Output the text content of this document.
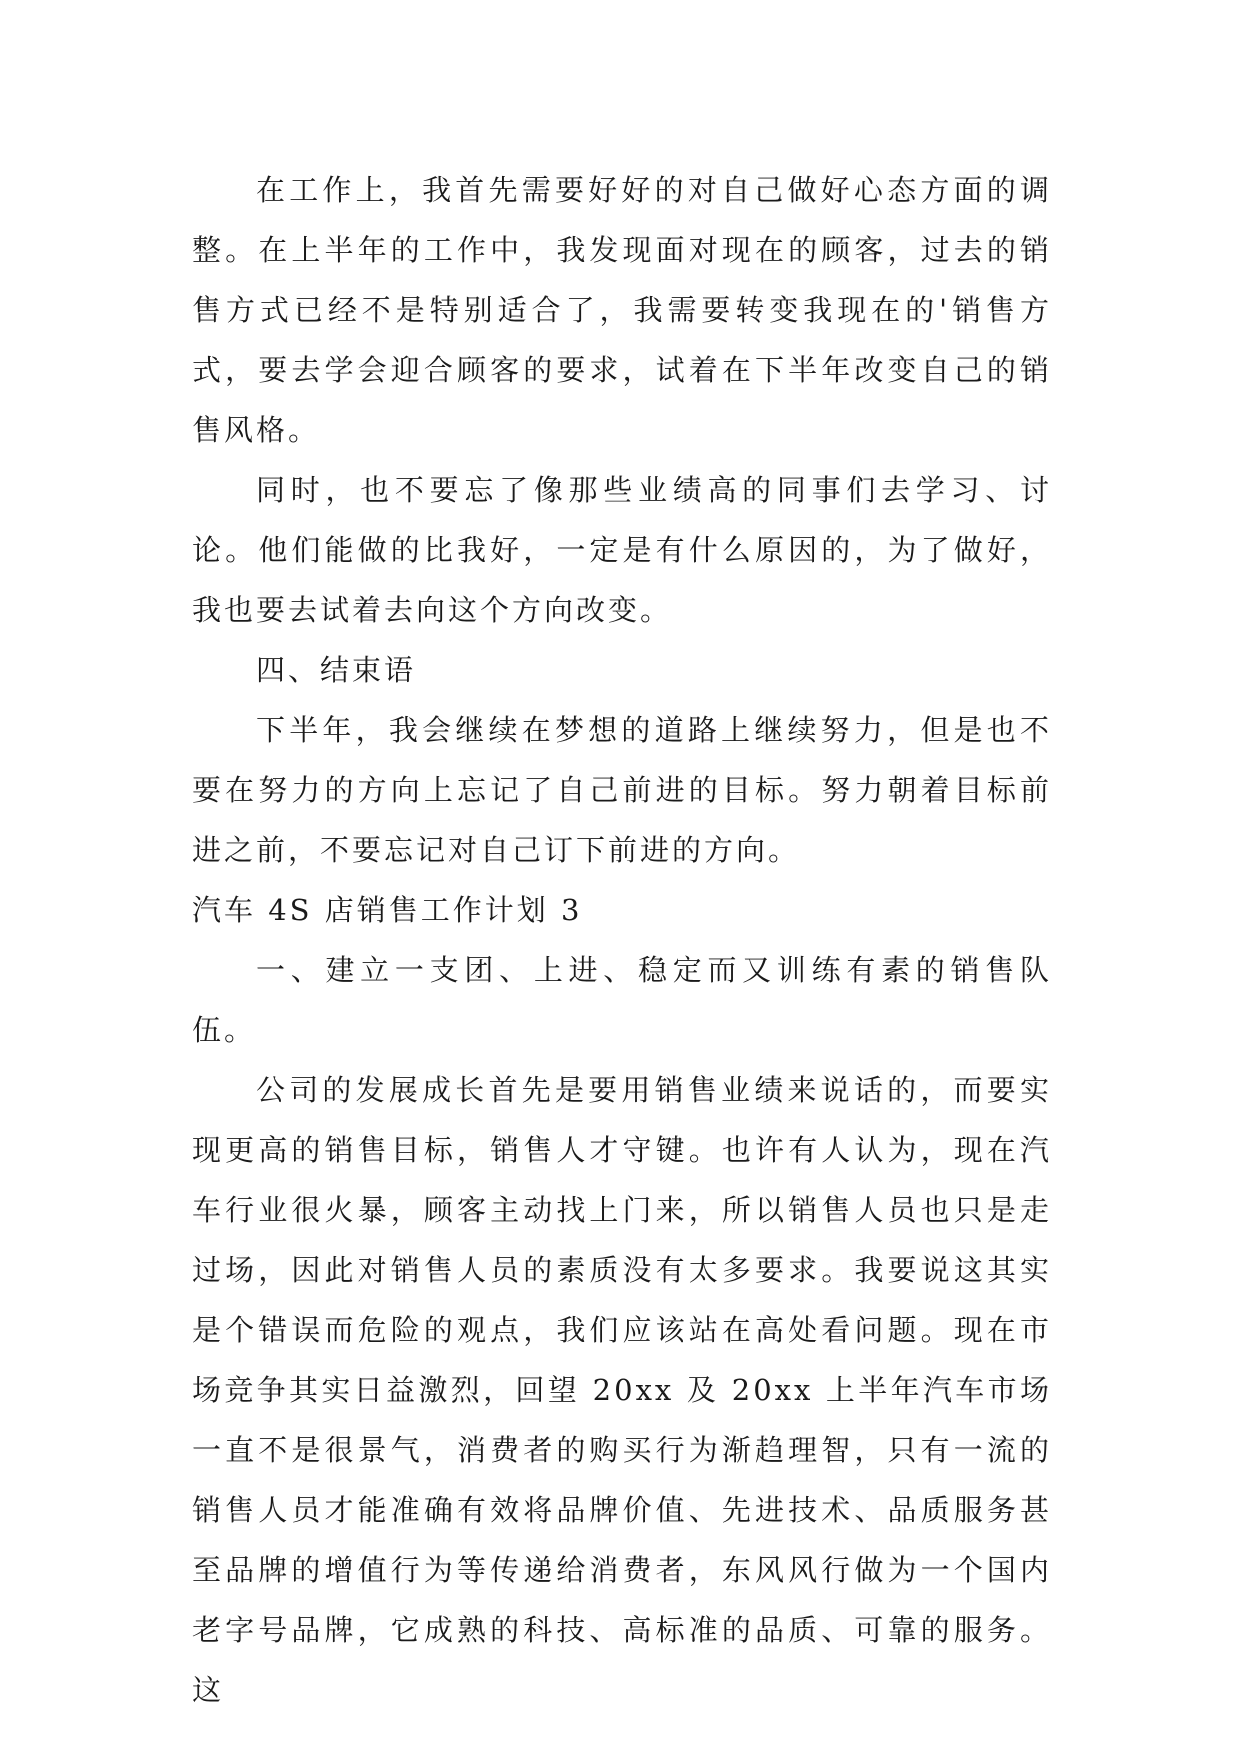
在工作上，我首先需要好好的对自己做好心态方面的调整。在上半年的工作中，我发现面对现在的顾客，过去的销售方式已经不是特别适合了，我需要转变我现在的'销售方式，要去学会迎合顾客的要求，试着在下半年改变自己的销售风格。

同时，也不要忘了像那些业绩高的同事们去学习、讨论。他们能做的比我好，一定是有什么原因的，为了做好，我也要去试着去向这个方向改变。

四、结束语

下半年，我会继续在梦想的道路上继续努力，但是也不要在努力的方向上忘记了自己前进的目标。努力朝着目标前进之前，不要忘记对自己订下前进的方向。

汽车 4S 店销售工作计划 3

一、建立一支团、上进、稳定而又训练有素的销售队伍。

公司的发展成长首先是要用销售业绩来说话的，而要实现更高的销售目标，销售人才守键。也许有人认为，现在汽车行业很火暴，顾客主动找上门来，所以销售人员也只是走过场，因此对销售人员的素质没有太多要求。我要说这其实是个错误而危险的观点，我们应该站在高处看问题。现在市场竞争其实日益激烈，回望 20xx 及 20xx 上半年汽车市场一直不是很景气，消费者的购买行为渐趋理智，只有一流的销售人员才能准确有效将品牌价值、先进技术、品质服务甚至品牌的增值行为等传递给消费者，东风风行做为一个国内老字号品牌，它成熟的科技、高标准的品质、可靠的服务。这
